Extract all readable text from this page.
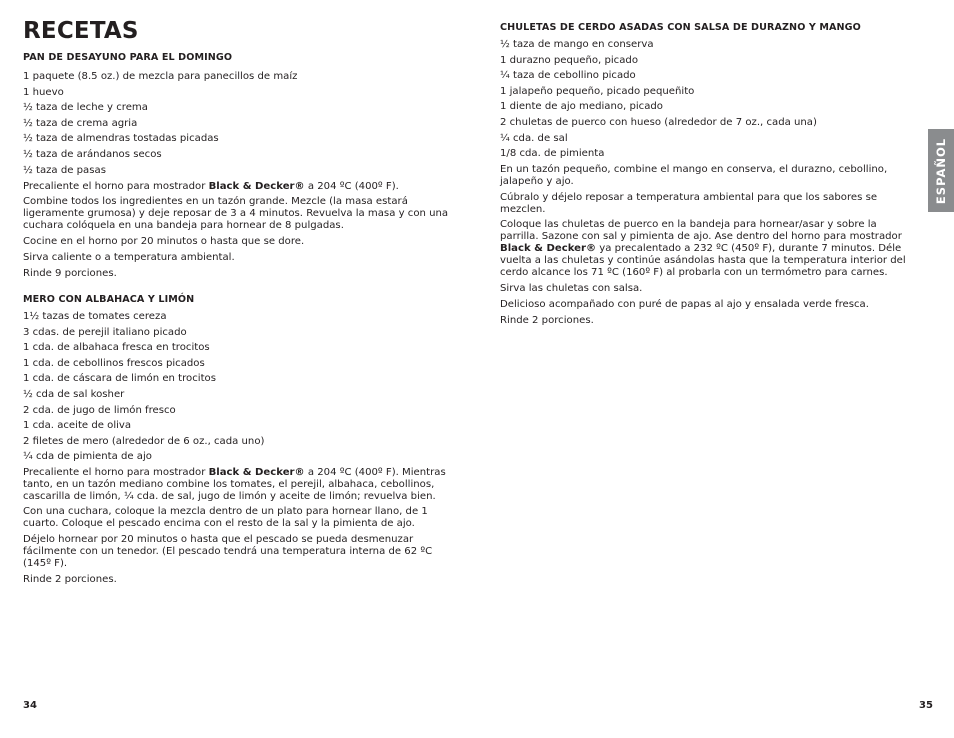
RECETAS
PAN DE DESAYUNO PARA EL DOMINGO
1 paquete (8.5 oz.) de mezcla para panecillos de maíz
1 huevo
½ taza de leche y crema
½ taza de crema agria
½ taza de almendras tostadas picadas
½ taza de arándanos secos
½ taza de pasas

Precaliente el horno para mostrador Black & Decker® a 204 ºC (400º F).

Combine todos los ingredientes en un tazón grande. Mezcle (la masa estará ligeramente grumosa) y deje reposar de 3 a 4 minutos. Revuelva la masa y con una cuchara colóquela en una bandeja para hornear de 8 pulgadas.

Cocine en el horno por 20 minutos o hasta que se dore.

Sirva caliente o a temperatura ambiental.

Rinde 9 porciones.

MERO CON ALBAHACA Y LIMÓN
1½ tazas de tomates cereza
3 cdas. de perejil italiano picado
1 cda. de albahaca fresca en trocitos
1 cda. de cebollinos frescos picados
1 cda. de cáscara de limón en trocitos
½ cda de sal kosher
2 cda. de jugo de limón fresco
1 cda. aceite de oliva
2 filetes de mero (alrededor de 6 oz., cada uno)
¼ cda de pimienta de ajo

Precaliente el horno para mostrador Black & Decker® a 204 ºC (400º F). Mientras tanto, en un tazón mediano combine los tomates, el perejil, albahaca, cebollinos, cascarilla de limón, ¼ cda. de sal, jugo de limón y aceite de limón; revuelva bien.

Con una cuchara, coloque la mezcla dentro de un plato para hornear llano, de 1 cuarto. Coloque el pescado encima con el resto de la sal y la pimienta de ajo.

Déjelo hornear por 20 minutos o hasta que el pescado se pueda desmenuzar fácilmente con un tenedor. (El pescado tendrá una temperatura interna de 62 ºC (145º F).

Rinde 2 porciones.

CHULETAS DE CERDO ASADAS CON SALSA DE DURAZNO Y MANGO
½ taza de mango en conserva
1 durazno pequeño, picado
¼ taza de cebollino picado
1 jalapeño pequeño, picado pequeñito
1 diente de ajo mediano, picado
2 chuletas de puerco con hueso (alrededor de 7 oz., cada una)
¼ cda. de sal
1/8 cda. de pimienta

En un tazón pequeño, combine el mango en conserva, el durazno, cebollino, jalapeño y ajo.

Cúbralo y déjelo reposar a temperatura ambiental para que los sabores se mezclen.

Coloque las chuletas de puerco en la bandeja para hornear/asar y sobre la parrilla. Sazone con sal y pimienta de ajo. Ase dentro del horno para mostrador Black & Decker® ya precalentado a 232 ºC (450º F), durante 7 minutos. Déle vuelta a las chuletas y continúe asándolas hasta que la temperatura interior del cerdo alcance los 71 ºC (160º F) al probarla con un termómetro para carnes.

Sirva las chuletas con salsa.

Delicioso acompañado con puré de papas al ajo y ensalada verde fresca.

Rinde 2 porciones.

ESPAÑOL
34	35
